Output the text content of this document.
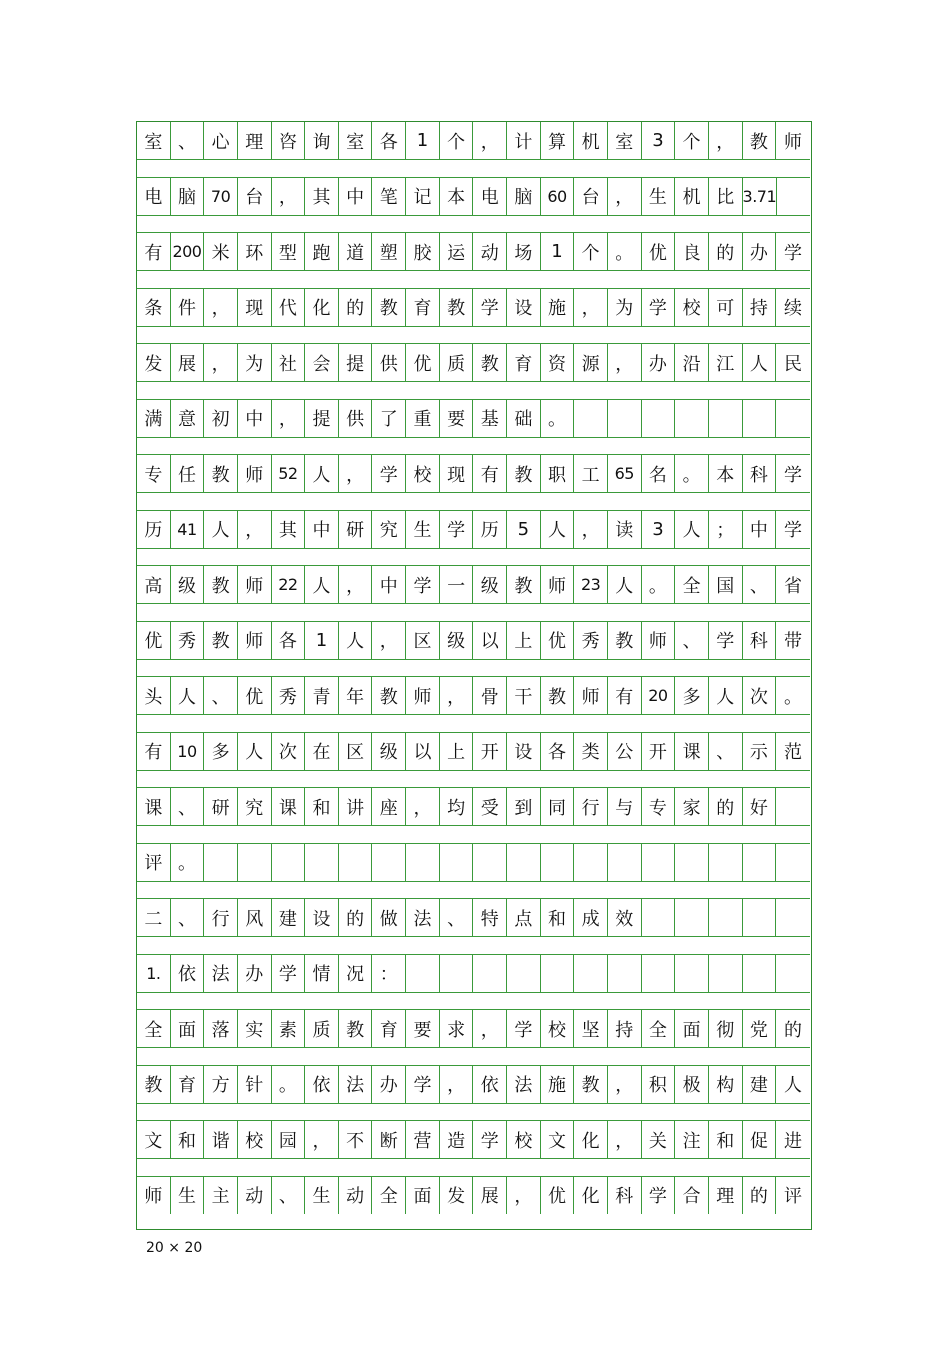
室 、 心 理 咨 询 室 各	1	个 ， 计 算 机 室	3	个 ， 教 师
电 脑 70 台 ， 其 中 笔 记 本 电 脑 60 台 ， 生 机 比 3.71
有 200 米 环 型 跑 道 塑 胶 运 动 场	1	个 。 优 良 的 办 学
条 件 ， 现 代 化 的 教 育 教 学 设 施 ， 为 学 校 可 持 续
发 展 ， 为 社 会 提 供 优 质 教 育 资 源 ， 办 沿 江 人 民
满 意 初 中 ， 提 供 了 重 要 基 础 。
专 任 教 师 52 人 ， 学 校 现 有 教 职 工 65 名 。 本 科 学
历 41 人 ， 其 中 研 究 生 学 历	5	人 ， 读	3	人 ； 中 学
高 级 教 师 22 人 ， 中 学 一 级 教 师 23 人 。 全 国 、 省
优 秀 教 师 各	1	人 ， 区 级 以 上 优 秀 教 师 、 学 科 带
头 人 、 优 秀 青 年 教 师 ， 骨 干 教 师 有 20 多 人 次 。
有 10 多 人 次 在 区 级 以 上 开 设 各 类 公 开 课 、 示 范
课 、 研 究 课 和 讲 座 ， 均 受 到 同 行 与 专 家 的 好
评 。
二 、 行 风 建 设 的 做 法 、 特 点 和 成 效
1. 依 法 办 学 情 况 ：
全 面 落 实 素 质 教 育 要 求 ， 学 校 坚 持 全 面 彻 党 的
教 育 方 针 。 依 法 办 学 ， 依 法 施 教 ， 积 极 构 建 人
文 和 谐 校 园 ， 不 断 营 造 学 校 文 化 ， 关 注 和 促 进
师 生 主 动 、 生 动 全 面 发 展 ， 优 化 科 学 合 理 的 评
20 × 20
